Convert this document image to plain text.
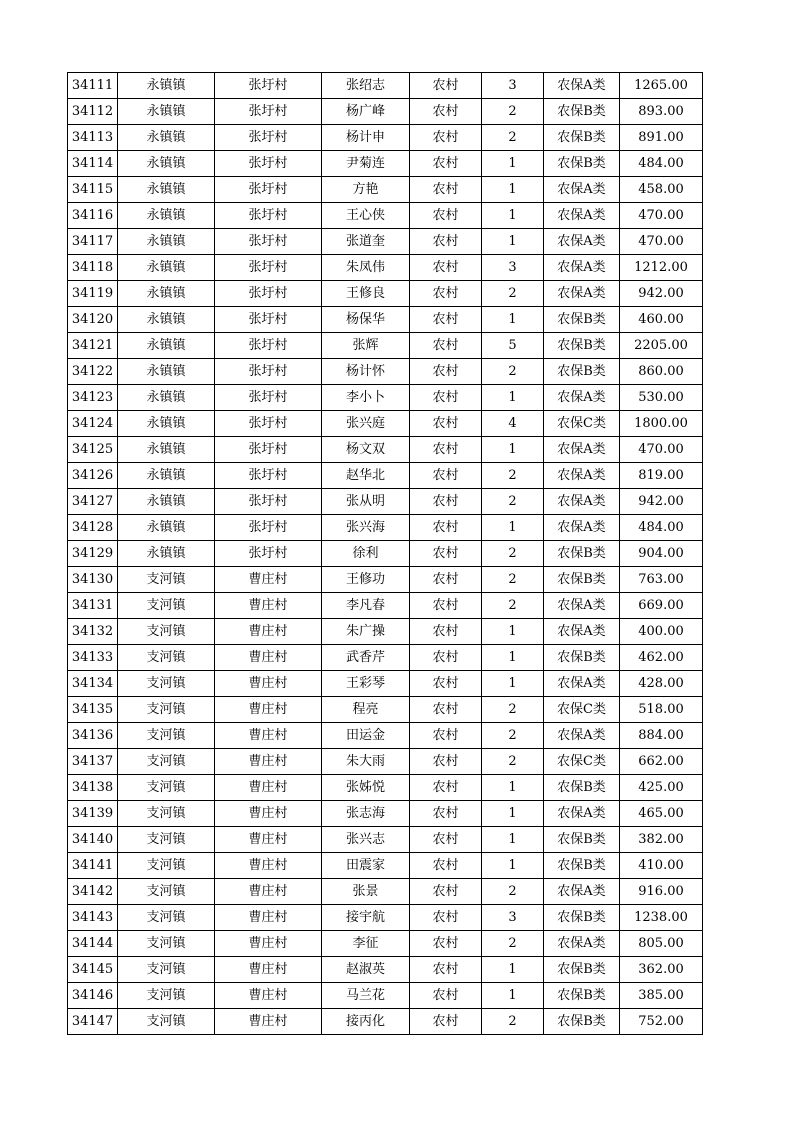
34111	永镇镇	张圩村	张绍志	农村	3	农保A类	1265.00
34112	永镇镇	张圩村	杨广峰	农村	2	农保B类	893.00
34113	永镇镇	张圩村	杨计申	农村	2	农保B类	891.00
34114	永镇镇	张圩村	尹菊连	农村	1	农保B类	484.00
34115	永镇镇	张圩村	方艳	农村	1	农保A类	458.00
34116	永镇镇	张圩村	王心侠	农村	1	农保A类	470.00
34117	永镇镇	张圩村	张道奎	农村	1	农保A类	470.00
34118	永镇镇	张圩村	朱凤伟	农村	3	农保A类	1212.00
34119	永镇镇	张圩村	王修良	农村	2	农保A类	942.00
34120	永镇镇	张圩村	杨保华	农村	1	农保B类	460.00
34121	永镇镇	张圩村	张辉	农村	5	农保B类	2205.00
34122	永镇镇	张圩村	杨计怀	农村	2	农保B类	860.00
34123	永镇镇	张圩村	李小卜	农村	1	农保A类	530.00
34124	永镇镇	张圩村	张兴庭	农村	4	农保C类	1800.00
34125	永镇镇	张圩村	杨文双	农村	1	农保A类	470.00
34126	永镇镇	张圩村	赵华北	农村	2	农保A类	819.00
34127	永镇镇	张圩村	张从明	农村	2	农保A类	942.00
34128	永镇镇	张圩村	张兴海	农村	1	农保A类	484.00
34129	永镇镇	张圩村	徐利	农村	2	农保B类	904.00
34130	支河镇	曹庄村	王修功	农村	2	农保B类	763.00
34131	支河镇	曹庄村	李凡春	农村	2	农保A类	669.00
34132	支河镇	曹庄村	朱广操	农村	1	农保A类	400.00
34133	支河镇	曹庄村	武香芹	农村	1	农保B类	462.00
34134	支河镇	曹庄村	王彩琴	农村	1	农保A类	428.00
34135	支河镇	曹庄村	程亮	农村	2	农保C类	518.00
34136	支河镇	曹庄村	田运金	农村	2	农保A类	884.00
34137	支河镇	曹庄村	朱大雨	农村	2	农保C类	662.00
34138	支河镇	曹庄村	张姊悦	农村	1	农保B类	425.00
34139	支河镇	曹庄村	张志海	农村	1	农保A类	465.00
34140	支河镇	曹庄村	张兴志	农村	1	农保B类	382.00
34141	支河镇	曹庄村	田震家	农村	1	农保B类	410.00
34142	支河镇	曹庄村	张景	农村	2	农保A类	916.00
34143	支河镇	曹庄村	接宇航	农村	3	农保B类	1238.00
34144	支河镇	曹庄村	李征	农村	2	农保A类	805.00
34145	支河镇	曹庄村	赵淑英	农村	1	农保B类	362.00
34146	支河镇	曹庄村	马兰花	农村	1	农保B类	385.00
34147	支河镇	曹庄村	接丙化	农村	2	农保B类	752.00
